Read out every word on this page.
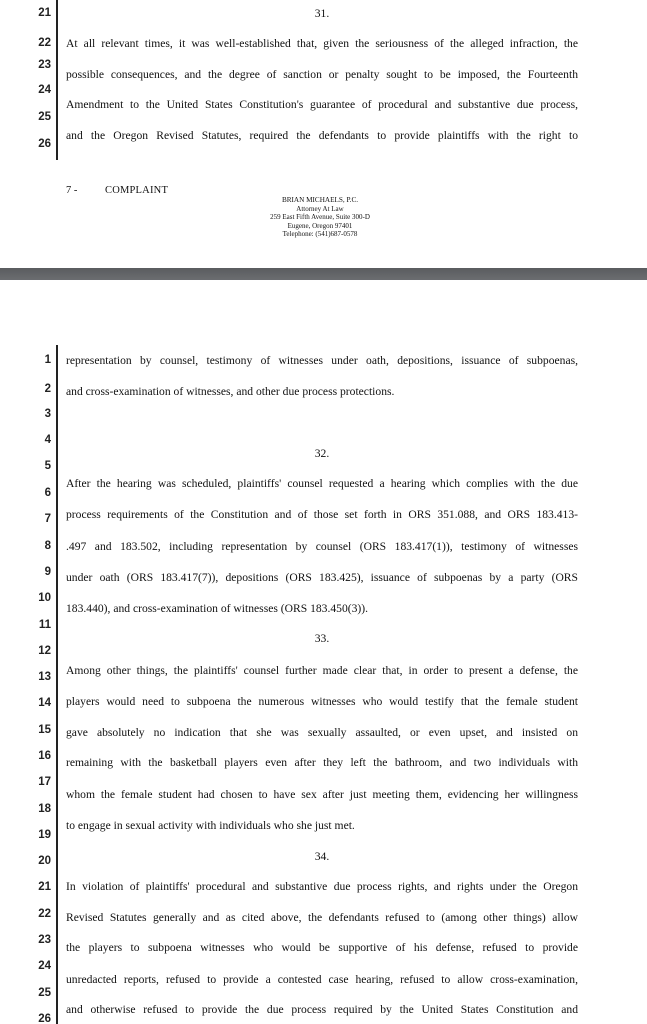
21
22
23
24
25
26
31.
At all relevant times, it was well-established that, given the seriousness of the alleged infraction, the
possible consequences, and the degree of sanction or penalty sought to be imposed, the Fourteenth
Amendment to the United States Constitution's guarantee of procedural and substantive due process,
and the Oregon Revised Statutes, required the defendants to provide plaintiffs with the right to
7 -	COMPLAINT
BRIAN MICHAELS, P.C.
Attorney At Law
259 East Fifth Avenue, Suite 300-D
Eugene, Oregon 97401
Telephone: (541)687-0578
1
2
3
4
5
6
7
8
9
10
11
12
13
14
15
16
17
18
19
20
21
22
23
24
25
26
representation by counsel, testimony of witnesses under oath, depositions, issuance of subpoenas,
and cross-examination of witnesses, and other due process protections.
32.
After the hearing was scheduled, plaintiffs' counsel requested a hearing which complies with the due
process requirements of the Constitution and of those set forth in ORS 351.088, and ORS 183.413-
.497 and 183.502, including representation by counsel (ORS 183.417(1)), testimony of witnesses
under oath (ORS 183.417(7)), depositions (ORS 183.425), issuance of subpoenas by a party (ORS
183.440), and cross-examination of witnesses (ORS 183.450(3)).
33.
Among other things, the plaintiffs' counsel further made clear that, in order to present a defense, the
players would need to subpoena the numerous witnesses who would testify that the female student
gave absolutely no indication that she was sexually assaulted, or even upset, and insisted on
remaining with the basketball players even after they left the bathroom, and two individuals with
whom the female student had chosen to have sex after just meeting them, evidencing her willingness
to engage in sexual activity with individuals who she just met.
34.
In violation of plaintiffs' procedural and substantive due process rights, and rights under the Oregon
Revised Statutes generally and as cited above, the defendants refused to (among other things) allow
the players to subpoena witnesses who would be supportive of his defense, refused to provide
unredacted reports, refused to provide a contested case hearing, refused to allow cross-examination,
and otherwise refused to provide the due process required by the United States Constitution and
